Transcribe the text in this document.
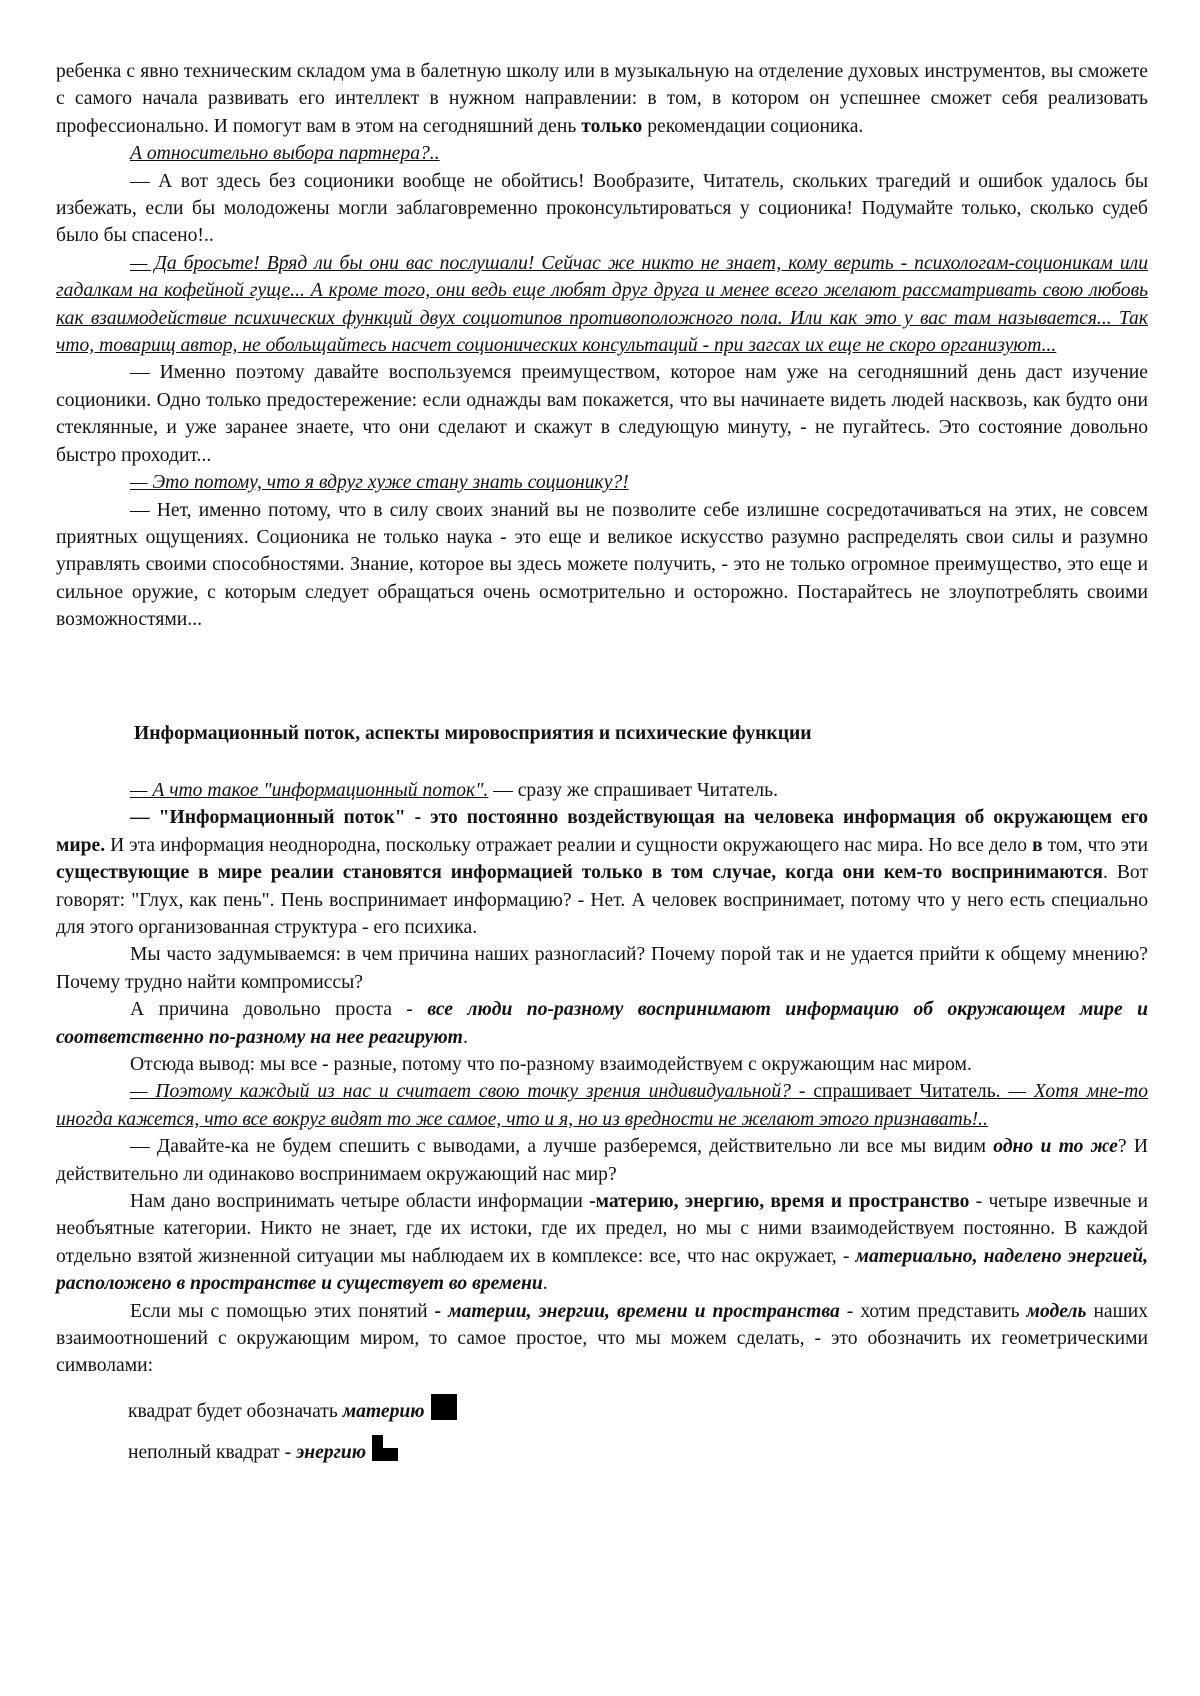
ребенка с явно техническим складом ума в балетную школу или в музыкальную на отделение духовых инструментов, вы сможете с самого начала развивать его интеллект в нужном направлении: в том, в котором он успешнее сможет себя реализовать профессионально. И помогут вам в этом на сегодняшний день только рекомендации соционика.

А относительно выбора партнера?..

— А вот здесь без соционики вообще не обойтись! Вообразите, Читатель, скольких трагедий и ошибок удалось бы избежать, если бы молодожены могли заблаговременно проконсультироваться у соционика! Подумайте только, сколько судеб было бы спасено!..

— Да бросьте! Вряд ли бы они вас послушали! Сейчас же никто не знает, кому верить - психологам-соционикам или гадалкам на кофейной гуще... А кроме того, они ведь еще любят друг друга и менее всего желают рассматривать свою любовь как взаимодействие психических функций двух социотипов противоположного пола. Или как это у вас там называется... Так что, товарищ автор, не обольщайтесь насчет соционических консультаций - при загсах их еще не скоро организуют...

— Именно поэтому давайте воспользуемся преимуществом, которое нам уже на сегодняшний день даст изучение соционики. Одно только предостережение: если однажды вам покажется, что вы начинаете видеть людей насквозь, как будто они стеклянные, и уже заранее знаете, что они сделают и скажут в следующую минуту, - не пугайтесь. Это состояние довольно быстро проходит...

— Это потому, что я вдруг хуже стану знать соционику?!

— Нет, именно потому, что в силу своих знаний вы не позволите себе излишне сосредотачиваться на этих, не совсем приятных ощущениях. Соционика не только наука - это еще и великое искусство разумно распределять свои силы и разумно управлять своими способностями. Знание, которое вы здесь можете получить, - это не только огромное преимущество, это еще и сильное оружие, с которым следует обращаться очень осмотрительно и осторожно. Постарайтесь не злоупотреблять своими возможностями...

Информационный поток, аспекты мировосприятия и психические функции

— А что такое "информационный поток". — сразу же спрашивает Читатель.

— "Информационный поток" - это постоянно воздействующая на человека информация об окружающем его мире. И эта информация неоднородна, поскольку отражает реалии и сущности окружающего нас мира. Но все дело в том, что эти существующие в мире реалии становятся информацией только в том случае, когда они кем-то воспринимаются. Вот говорят: "Глух, как пень". Пень воспринимает информацию? - Нет. А человек воспринимает, потому что у него есть специально для этого организованная структура - его психика.

Мы часто задумываемся: в чем причина наших разногласий? Почему порой так и не удается прийти к общему мнению? Почему трудно найти компромиссы?

А причина довольно проста - все люди по-разному воспринимают информацию об окружающем мире и соответственно по-разному на нее реагируют.

Отсюда вывод: мы все - разные, потому что по-разному взаимодействуем с окружающим нас миром.

— Поэтому каждый из нас и считает свою точку зрения индивидуальной? - спрашивает Читатель. — Хотя мне-то иногда кажется, что все вокруг видят то же самое, что и я, но из вредности не желают этого признавать!..

— Давайте-ка не будем спешить с выводами, а лучше разберемся, действительно ли все мы видим одно и то же? И действительно ли одинаково воспринимаем окружающий нас мир?

Нам дано воспринимать четыре области информации -материю, энергию, время и пространство - четыре извечные и необъятные категории. Никто не знает, где их истоки, где их предел, но мы с ними взаимодействуем постоянно. В каждой отдельно взятой жизненной ситуации мы наблюдаем их в комплексе: все, что нас окружает, - материально, наделено энергией, расположено в пространстве и существует во времени.

Если мы с помощью этих понятий - материи, энергии, времени и пространства - хотим представить модель наших взаимоотношений с окружающим миром, то самое простое, что мы можем сделать, - это обозначить их геометрическими символами:

квадрат будет обозначать материю

неполный квадрат - энергию
